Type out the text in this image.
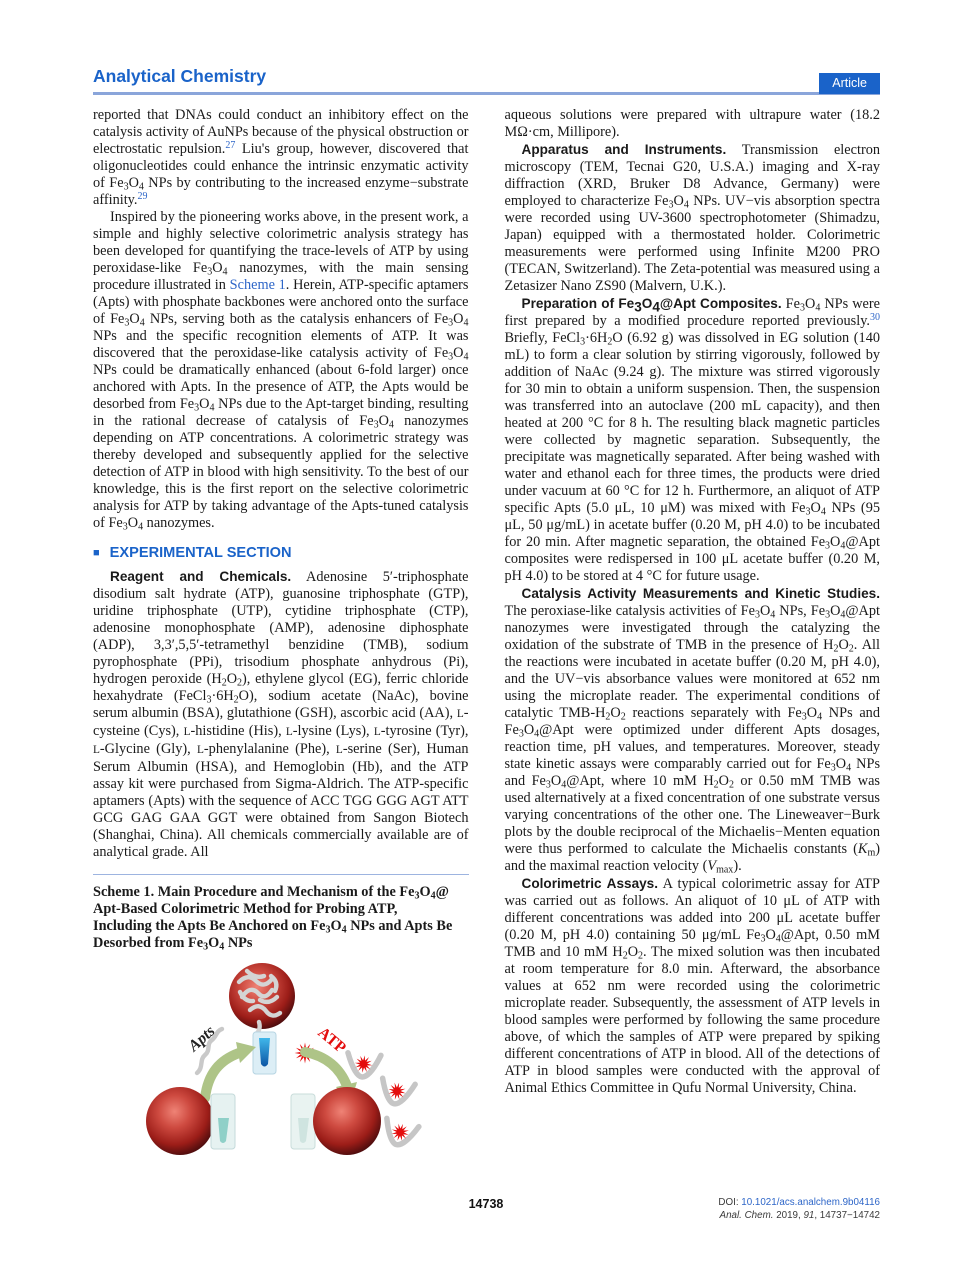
Analytical Chemistry	Article

reported that DNAs could conduct an inhibitory effect on the catalysis activity of AuNPs because of the physical obstruction or electrostatic repulsion.$^{27}$ Liu's group, however, discovered that oligonucleotides could enhance the intrinsic enzymatic activity of $Fe_3O_4$ NPs by contributing to the increased enzyme−substrate affinity.$^{29}$

Inspired by the pioneering works above, in the present work, a simple and highly selective colorimetric analysis strategy has been developed for quantifying the trace-levels of ATP by using peroxidase-like $Fe_3O_4$ nanozymes, with the main sensing procedure illustrated in Scheme 1. Herein, ATP-specific aptamers (Apts) with phosphate backbones were anchored onto the surface of $Fe_3O_4$ NPs, serving both as the catalysis enhancers of $Fe_3O_4$ NPs and the specific recognition elements of ATP. It was discovered that the peroxidase-like catalysis activity of $Fe_3O_4$ NPs could be dramatically enhanced (about 6-fold larger) once anchored with Apts. In the presence of ATP, the Apts would be desorbed from $Fe_3O_4$ NPs due to the Apt-target binding, resulting in the rational decrease of catalysis of $Fe_3O_4$ nanozymes depending on ATP concentrations. A colorimetric strategy was thereby developed and subsequently applied for the selective detection of ATP in blood with high sensitivity. To the best of our knowledge, this is the first report on the selective colorimetric analysis for ATP by taking advantage of the Apts-tuned catalysis of $Fe_3O_4$ nanozymes.

■ EXPERIMENTAL SECTION

Reagent and Chemicals. Adenosine 5′-triphosphate disodium salt hydrate (ATP), guanosine triphosphate (GTP), uridine triphosphate (UTP), cytidine triphosphate (CTP), adenosine monophosphate (AMP), adenosine diphosphate (ADP), 3,3′,5,5′-tetramethyl benzidine (TMB), sodium pyrophosphate (PPi), trisodium phosphate anhydrous (Pi), hydrogen peroxide $(H_2O_2)$, ethylene glycol (EG), ferric chloride hexahydrate $(FeCl_3\cdot 6H_2O)$, sodium acetate (NaAc), bovine serum albumin (BSA), glutathione (GSH), ascorbic acid (AA), L-cysteine (Cys), L-histidine (His), L-lysine (Lys), L-tyrosine (Tyr), L-Glycine (Gly), L-phenylalanine (Phe), L-serine (Ser), Human Serum Albumin (HSA), and Hemoglobin (Hb), and the ATP assay kit were purchased from Sigma-Aldrich. The ATP-specific aptamers (Apts) with the sequence of ACC TGG GGG AGT ATT GCG GAG GAA GGT were obtained from Sangon Biotech (Shanghai, China). All chemicals commercially available are of analytical grade. All

Scheme 1. Main Procedure and Mechanism of the $Fe_3O_4@$
Apt-Based Colorimetric Method for Probing ATP,
Including the Apts Be Anchored on $Fe_3O_4$ NPs and Apts Be
Desorbed from $Fe_3O_4$ NPs

Apts	ATP

aqueous solutions were prepared with ultrapure water (18.2 MΩ·cm, Millipore).

Apparatus and Instruments. Transmission electron microscopy (TEM, Tecnai G20, U.S.A.) imaging and X-ray diffraction (XRD, Bruker D8 Advance, Germany) were employed to characterize $Fe_3O_4$ NPs. UV−vis absorption spectra were recorded using UV-3600 spectrophotometer (Shimadzu, Japan) equipped with a thermostated holder. Colorimetric measurements were performed using Infinite M200 PRO (TECAN, Switzerland). The Zeta-potential was measured using a Zetasizer Nano ZS90 (Malvern, U.K.).

Preparation of $Fe_3O_4@Apt$ Composites. $Fe_3O_4$ NPs were first prepared by a modified procedure reported previously.$^{30}$ Briefly, $FeCl_3\cdot 6H_2O$ (6.92 g) was dissolved in EG solution (140 mL) to form a clear solution by stirring vigorously, followed by addition of NaAc (9.24 g). The mixture was stirred vigorously for 30 min to obtain a uniform suspension. Then, the suspension was transferred into an autoclave (200 mL capacity), and then heated at 200 °C for 8 h. The resulting black magnetic particles were collected by magnetic separation. Subsequently, the precipitate was magnetically separated. After being washed with water and ethanol each for three times, the products were dried under vacuum at 60 °C for 12 h. Furthermore, an aliquot of ATP specific Apts (5.0 μL, 10 μM) was mixed with $Fe_3O_4$ NPs (95 μL, 50 μg/mL) in acetate buffer (0.20 M, pH 4.0) to be incubated for 20 min. After magnetic separation, the obtained $Fe_3O_4@Apt$ composites were redispersed in 100 μL acetate buffer (0.20 M, pH 4.0) to be stored at 4 °C for future usage.

Catalysis Activity Measurements and Kinetic Studies. The peroxiase-like catalysis activities of $Fe_3O_4$ NPs, $Fe_3O_4@Apt$ nanozymes were investigated through the catalyzing the oxidation of the substrate of TMB in the presence of $H_2O_2$. All the reactions were incubated in acetate buffer (0.20 M, pH 4.0), and the UV−vis absorbance values were monitored at 652 nm using the microplate reader. The experimental conditions of catalytic TMB-$H_2O_2$ reactions separately with $Fe_3O_4$ NPs and $Fe_3O_4@Apt$ were optimized under different Apts dosages, reaction time, pH values, and temperatures. Moreover, steady state kinetic assays were comparably carried out for $Fe_3O_4$ NPs and $Fe_3O_4@Apt$, where 10 mM $H_2O_2$ or 0.50 mM TMB was used alternatively at a fixed concentration of one substrate versus varying concentrations of the other one. The Lineweaver−Burk plots by the double reciprocal of the Michaelis−Menten equation were thus performed to calculate the Michaelis constants $(K_m)$ and the maximal reaction velocity $(V_{max})$.

Colorimetric Assays. A typical colorimetric assay for ATP was carried out as follows. An aliquot of 10 μL of ATP with different concentrations was added into 200 μL acetate buffer (0.20 M, pH 4.0) containing 50 μg/mL $Fe_3O_4@Apt$, 0.50 mM TMB and 10 mM $H_2O_2$. The mixed solution was then incubated at room temperature for 8.0 min. Afterward, the absorbance values at 652 nm were recorded using the colorimetric microplate reader. Subsequently, the assessment of ATP levels in blood samples were performed by following the same procedure above, of which the samples of ATP were prepared by spiking different concentrations of ATP in blood. All of the detections of ATP in blood samples were conducted with the approval of Animal Ethics Committee in Qufu Normal University, China.

14738	DOI: 10.1021/acs.analchem.9b04116
Anal. Chem. 2019, 91, 14737−14742
